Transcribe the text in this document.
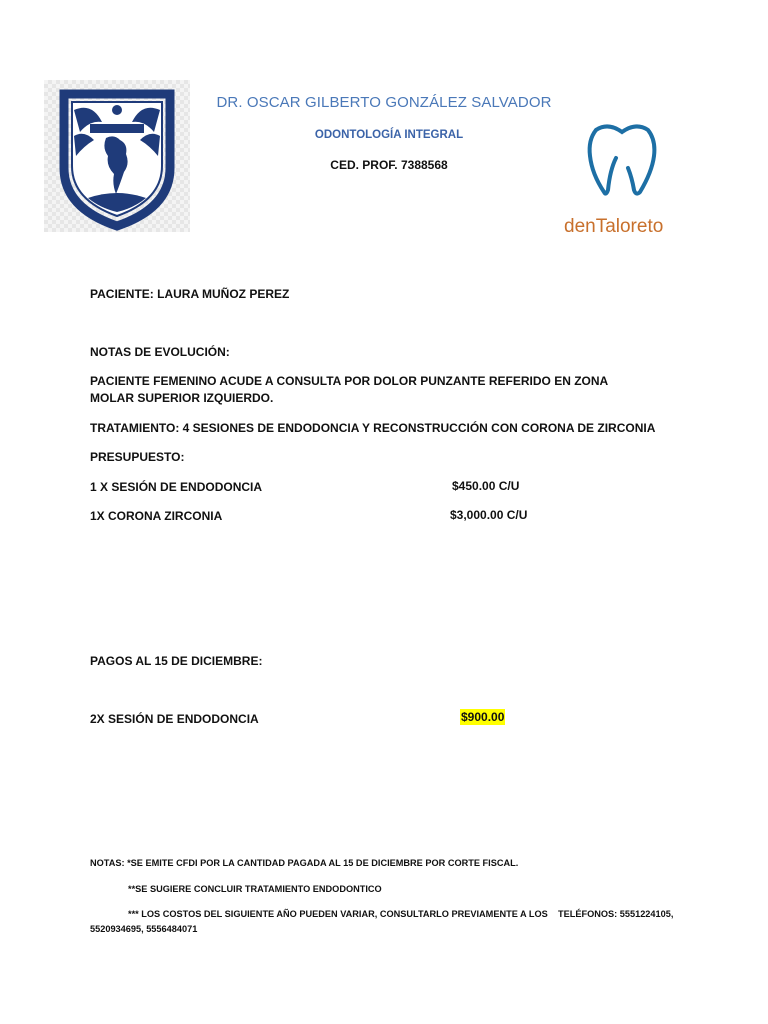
DR. OSCAR GILBERTO GONZÁLEZ SALVADOR
ODONTOLOGÍA INTEGRAL
CED. PROF. 7388568
denTaloreto
PACIENTE: LAURA MUÑOZ PEREZ
NOTAS DE EVOLUCIÓN:
PACIENTE FEMENINO ACUDE A CONSULTA POR DOLOR PUNZANTE REFERIDO EN ZONA MOLAR SUPERIOR IZQUIERDO.
TRATAMIENTO: 4 SESIONES DE ENDODONCIA Y RECONSTRUCCIÓN CON CORONA DE ZIRCONIA
PRESUPUESTO:
1 X SESIÓN DE ENDODONCIA	$450.00 C/U
1X CORONA ZIRCONIA	$3,000.00 C/U
PAGOS AL 15 DE DICIEMBRE:
2X SESIÓN DE ENDODONCIA	$900.00
NOTAS: *SE EMITE CFDI POR LA CANTIDAD PAGADA AL 15 DE DICIEMBRE POR CORTE FISCAL.
**SE SUGIERE CONCLUIR TRATAMIENTO ENDODONTICO
*** LOS COSTOS DEL SIGUIENTE AÑO PUEDEN VARIAR, CONSULTARLO PREVIAMENTE A LOS TELÉFONOS: 5551224105,
5520934695, 5556484071
